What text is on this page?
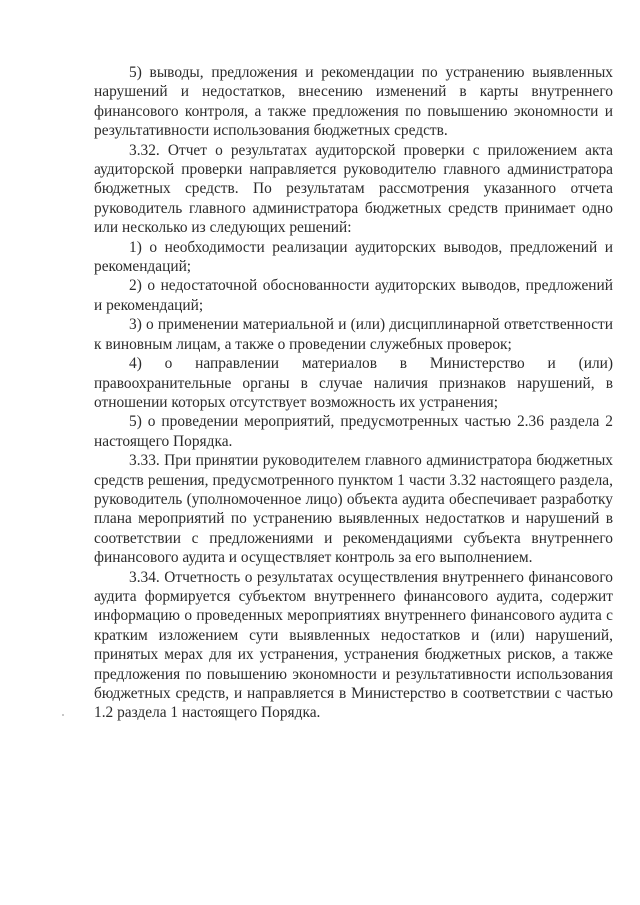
5) выводы, предложения и рекомендации по устранению выявленных нарушений и недостатков, внесению изменений в карты внутреннего финансового контроля, а также предложения по повышению экономности и результативности использования бюджетных средств.

3.32. Отчет о результатах аудиторской проверки с приложением акта аудиторской проверки направляется руководителю главного администратора бюджетных средств. По результатам рассмотрения указанного отчета руководитель главного администратора бюджетных средств принимает одно или несколько из следующих решений:

1) о необходимости реализации аудиторских выводов, предложений и рекомендаций;

2) о недостаточной обоснованности аудиторских выводов, предложений и рекомендаций;

3) о применении материальной и (или) дисциплинарной ответственности к виновным лицам, а также о проведении служебных проверок;

4) о направлении материалов в Министерство и (или) правоохранительные органы в случае наличия признаков нарушений, в отношении которых отсутствует возможность их устранения;

5) о проведении мероприятий, предусмотренных частью 2.36 раздела 2 настоящего Порядка.

3.33. При принятии руководителем главного администратора бюджетных средств решения, предусмотренного пунктом 1 части 3.32 настоящего раздела, руководитель (уполномоченное лицо) объекта аудита обеспечивает разработку плана мероприятий по устранению выявленных недостатков и нарушений в соответствии с предложениями и рекомендациями субъекта внутреннего финансового аудита и осуществляет контроль за его выполнением.

3.34. Отчетность о результатах осуществления внутреннего финансового аудита формируется субъектом внутреннего финансового аудита, содержит информацию о проведенных мероприятиях внутреннего финансового аудита с кратким изложением сути выявленных недостатков и (или) нарушений, принятых мерах для их устранения, устранения бюджетных рисков, а также предложения по повышению экономности и результативности использования бюджетных средств, и направляется в Министерство в соответствии с частью 1.2 раздела 1 настоящего Порядка.
